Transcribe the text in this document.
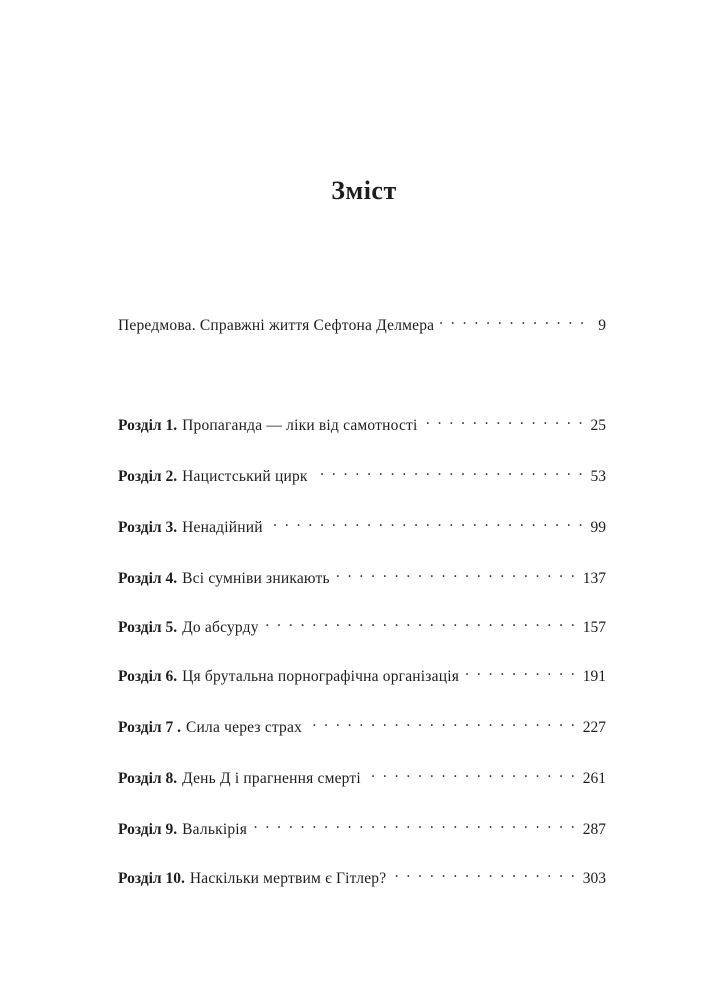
Зміст
Передмова. Справжні життя Сефтона Делмера . . .	9
Розділ 1. Пропаганда — ліки від самотності . . .	25
Розділ 2. Нацистський цирк . . .	53
Розділ 3. Ненадійний . . .	99
Розділ 4. Всі сумніви зникають . . .	137
Розділ 5. До абсурду . . .	157
Розділ 6. Ця брутальна порнографічна організація . . .	191
Розділ 7 . Сила через страх . . .	227
Розділ 8. День Д і прагнення смерті . . .	261
Розділ 9. Валькірія . . .	287
Розділ 10. Наскільки мертвим є Гітлер? . . .	303
